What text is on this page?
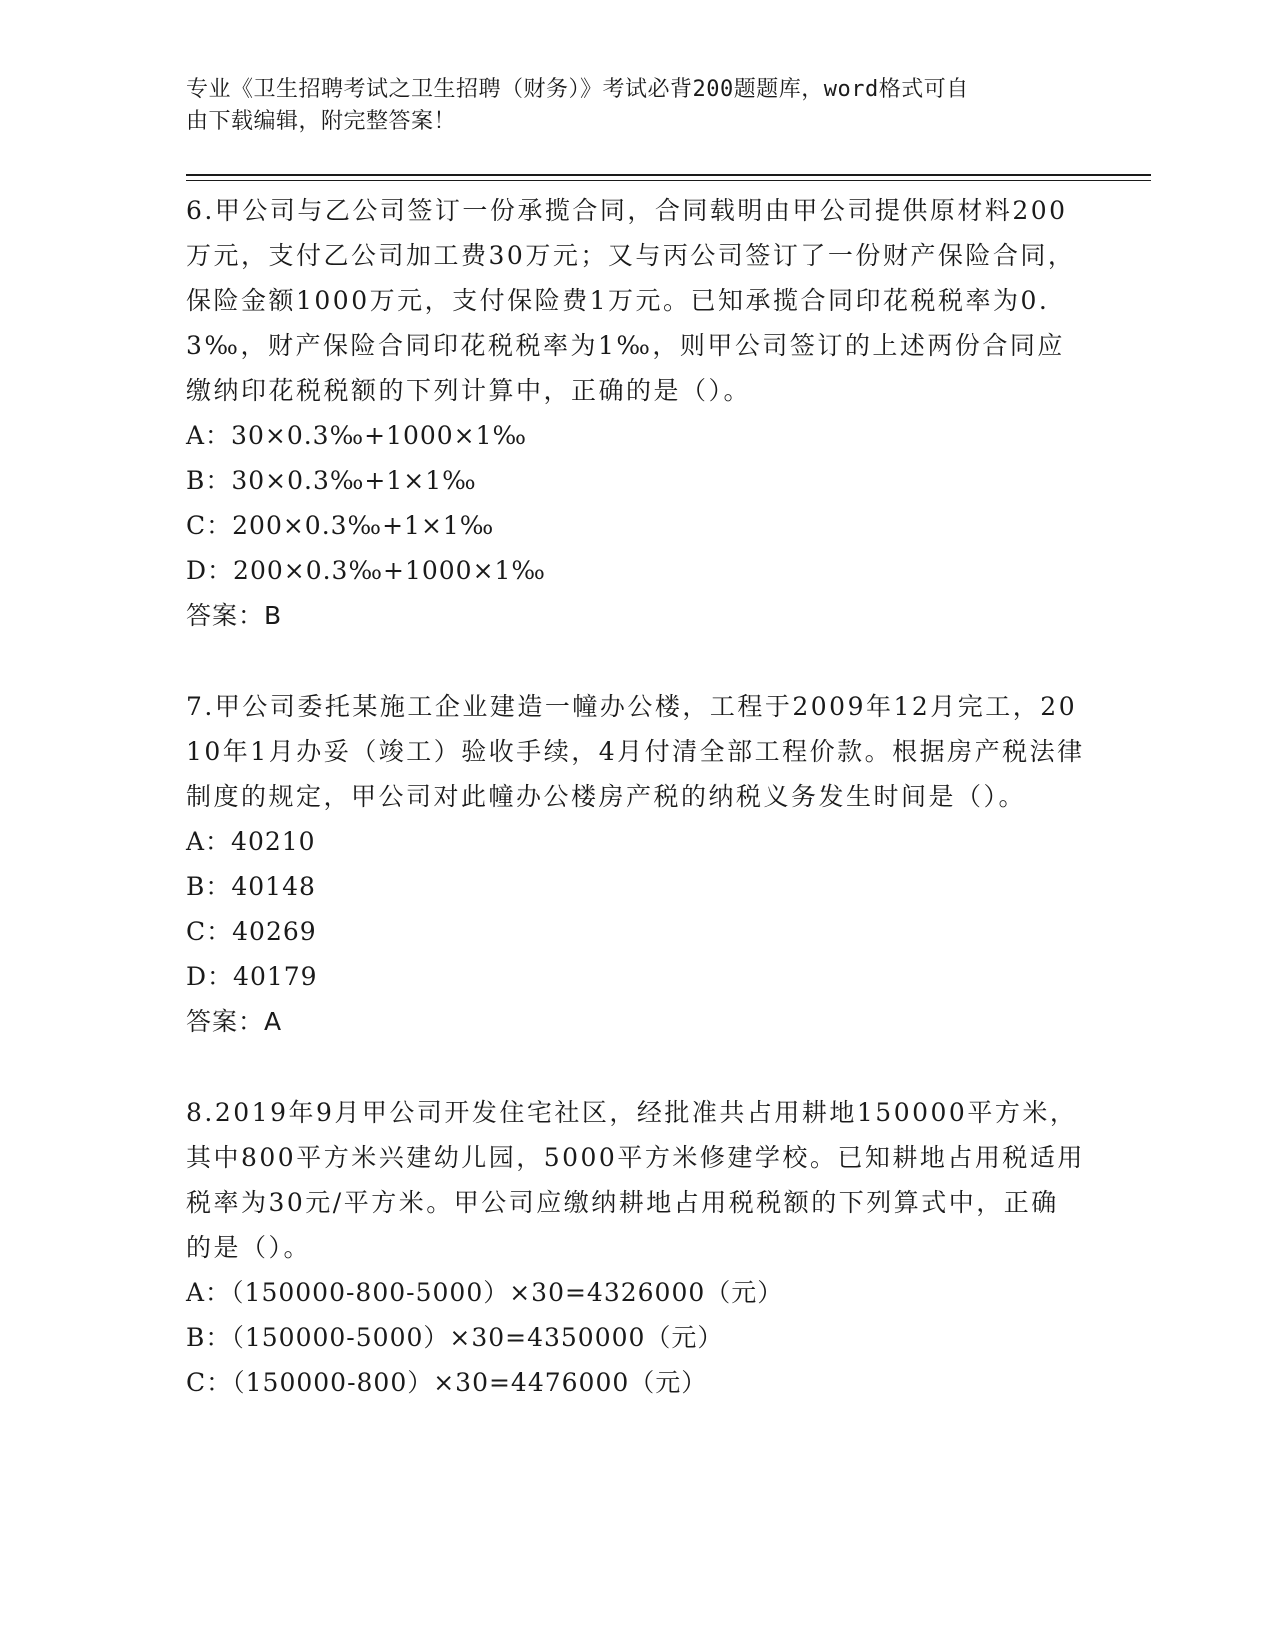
专业《卫生招聘考试之卫生招聘（财务）》考试必背200题题库，word格式可自
由下载编辑，附完整答案！
6.甲公司与乙公司签订一份承揽合同，合同载明由甲公司提供原材料200万元，支付乙公司加工费30万元；又与丙公司签订了一份财产保险合同，保险金额1000万元，支付保险费1万元。已知承揽合同印花税税率为0.3‰，财产保险合同印花税税率为1‰，则甲公司签订的上述两份合同应缴纳印花税税额的下列计算中，正确的是（）。
A：30×0.3‰+1000×1‰
B：30×0.3‰+1×1‰
C：200×0.3‰+1×1‰
D：200×0.3‰+1000×1‰
答案：B
7.甲公司委托某施工企业建造一幢办公楼，工程于2009年12月完工，2010年1月办妥（竣工）验收手续，4月付清全部工程价款。根据房产税法律制度的规定，甲公司对此幢办公楼房产税的纳税义务发生时间是（）。
A：40210
B：40148
C：40269
D：40179
答案：A
8.2019年9月甲公司开发住宅社区，经批准共占用耕地150000平方米，其中800平方米兴建幼儿园，5000平方米修建学校。已知耕地占用税适用税率为30元/平方米。甲公司应缴纳耕地占用税税额的下列算式中，正确的是（）。
A：（150000-800-5000）×30=4326000（元）
B：（150000-5000）×30=4350000（元）
C：（150000-800）×30=4476000（元）
